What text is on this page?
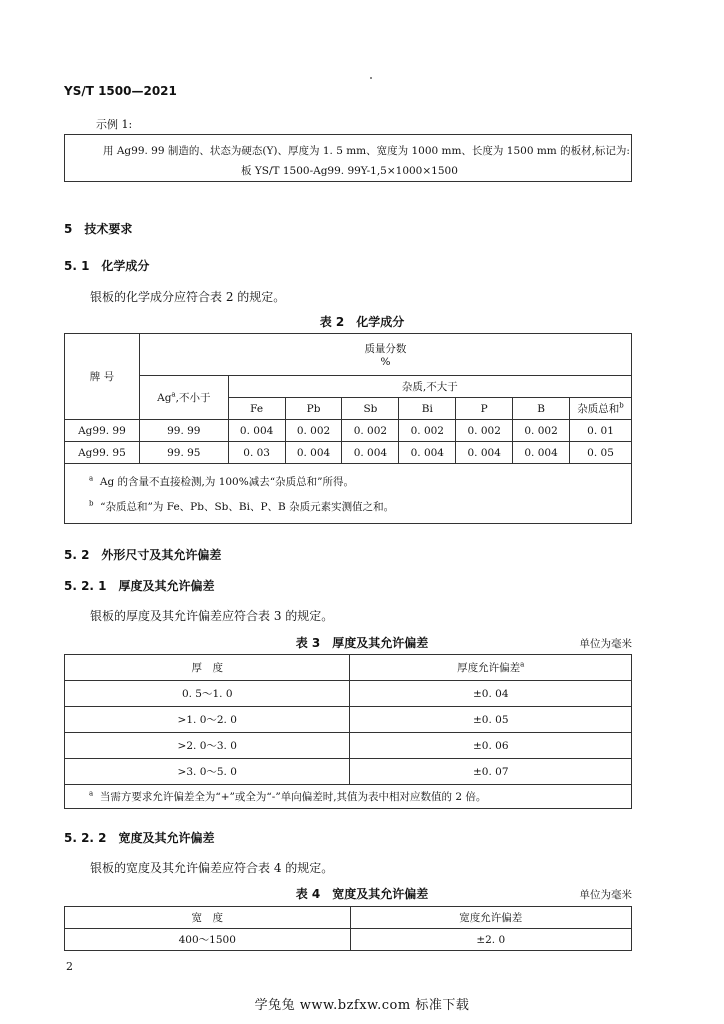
YS/T 1500—2021
示例 1:
用 Ag99. 99 制造的、状态为硬态(Y)、厚度为 1. 5 mm、宽度为 1000 mm、长度为 1500 mm 的板材,标记为:
板 YS/T 1500-Ag99. 99Y-1,5×1000×1500
5　技术要求
5. 1　化学成分
银板的化学成分应符合表 2 的规定。
表 2　化学成分
牌 号	质量分数
%							

	Ag$^a$,不小于	杂质,不大于						
		Fe	Pb	Sb	Bi	P	B	杂质总和$^b$
Ag99. 99	99. 99	0. 004	0. 002	0. 002	0. 002	0. 002	0. 002	0. 01
Ag99. 95	99. 95	0. 03	0. 004	0. 004	0. 004	0. 004	0. 004	0. 05

$^a$ Ag 的含量不直接检测,为 100%减去“杂质总和”所得。
$^b$ “杂质总和”为 Fe、Pb、Sb、Bi、P、B 杂质元素实测值之和。								
5. 2　外形尺寸及其允许偏差
5. 2. 1　厚度及其允许偏差
银板的厚度及其允许偏差应符合表 3 的规定。
表 3　厚度及其允许偏差	单位为毫米
厚　度	厚度允许偏差$^a$
0. 5～1. 0	±0. 04
>1. 0～2. 0	±0. 05
>2. 0～3. 0	±0. 06
>3. 0～5. 0	±0. 07
$^a$ 当需方要求允许偏差全为“+”或全为“-”单向偏差时,其值为表中相对应数值的 2 倍。	
5. 2. 2　宽度及其允许偏差
银板的宽度及其允许偏差应符合表 4 的规定。
表 4　宽度及其允许偏差	单位为毫米
宽　度	宽度允许偏差
400～1500	±2. 0
2
学兔兔 www.bzfxw.com 标准下载
